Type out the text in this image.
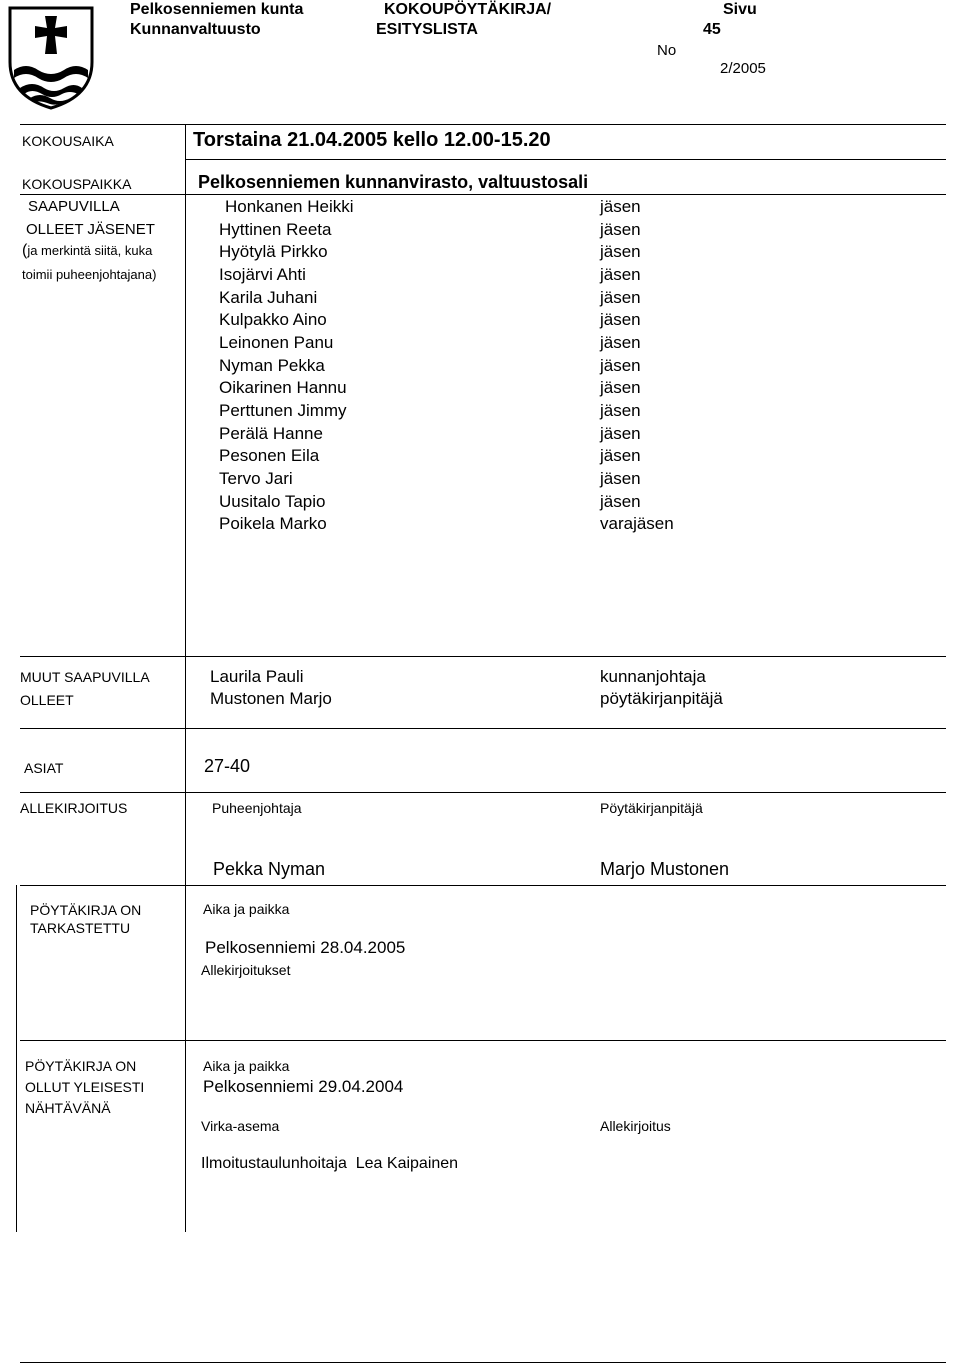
Pelkosenniemen kunta
Kunnanvaltuusto
KOKOUPÖYTÄKIRJA/
ESITYSLISTA
Sivu
45
No
2/2005
KOKOUSAIKA	Torstaina 21.04.2005 kello 12.00-15.20
KOKOUSPAIKKA	Pelkosenniemen kunnanvirasto, valtuustosali
SAAPUVILLA
OLLEET JÄSENET
(ja merkintä siitä, kuka
toimii puheenjohtajana)
Honkanen Heikki	jäsen
Hyttinen Reeta	jäsen
Hyötylä Pirkko	jäsen
Isojärvi Ahti	jäsen
Karila Juhani	jäsen
Kulpakko Aino	jäsen
Leinonen Panu	jäsen
Nyman Pekka	jäsen
Oikarinen Hannu	jäsen
Perttunen Jimmy	jäsen
Perälä Hanne	jäsen
Pesonen Eila	jäsen
Tervo Jari	jäsen
Uusitalo Tapio	jäsen
Poikela Marko	varajäsen
MUUT SAAPUVILLA
OLLEET
Laurila Pauli	kunnanjohtaja
Mustonen Marjo	pöytäkirjanpitäjä
ASIAT	27-40
ALLEKIRJOITUS	Puheenjohtaja	Pöytäkirjanpitäjä
Pekka Nyman	Marjo Mustonen
PÖYTÄKIRJA ON
TARKASTETTU
Aika ja paikka
Pelkosenniemi 28.04.2005
Allekirjoitukset
PÖYTÄKIRJA ON
OLLUT YLEISESTI
NÄHTÄVÄNÄ
Aika ja paikka
Pelkosenniemi 29.04.2004
Virka-asema	Allekirjoitus
Ilmoitustaulunhoitaja  Lea Kaipainen
